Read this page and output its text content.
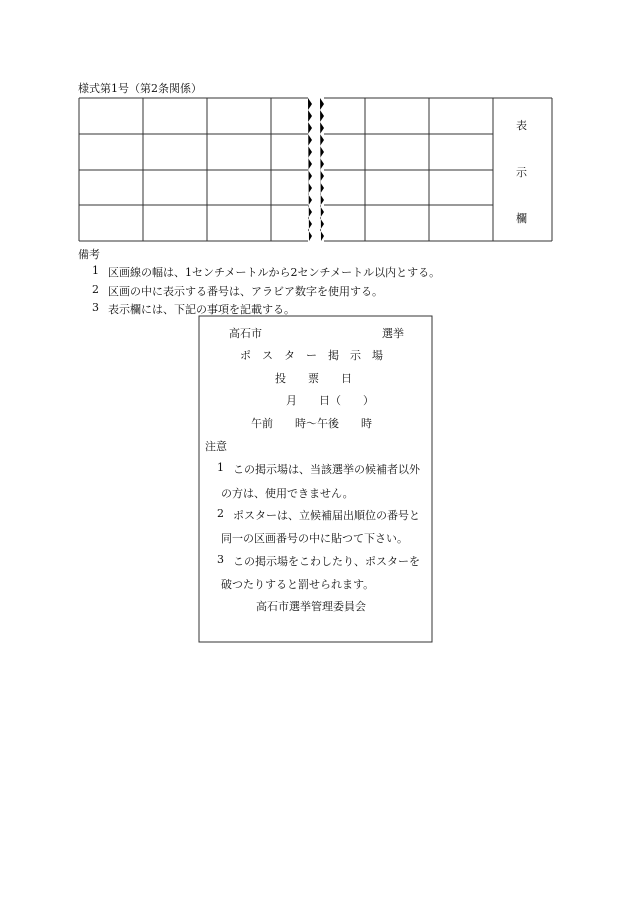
様式第1号（第2条関係）
表
示
欄
備考
1 区画線の幅は、1センチメートルから2センチメートル以内とする。
2 区画の中に表示する番号は、アラビア数字を使用する。
3 表示欄には、下記の事項を記載する。
高石市	選挙
ポ　ス　タ　ー　掲　示　場
投　　票　　日
月　　日（　　）
午前　　時～午後　　時
注意
1 この掲示場は、当該選挙の候補者以外
の方は、使用できません。
2 ポスターは、立候補届出順位の番号と
同一の区画番号の中に貼つて下さい。
3 この掲示場をこわしたり、ポスターを
破つたりすると罰せられます。
高石市選挙管理委員会
